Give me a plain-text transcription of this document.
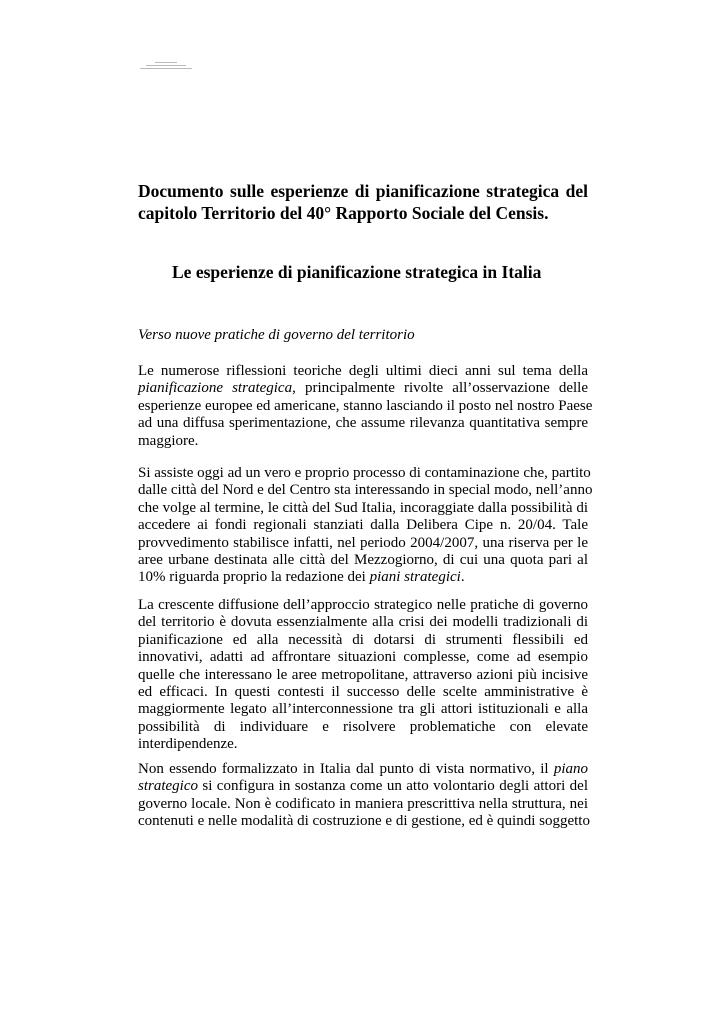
Documento sulle esperienze di pianificazione strategica del
capitolo Territorio del 40° Rapporto Sociale del Censis.
Le esperienze di pianificazione strategica in Italia
Verso nuove pratiche di governo del territorio
Le numerose riflessioni teoriche degli ultimi dieci anni sul tema della
pianificazione strategica, principalmente rivolte all’osservazione delle
esperienze europee ed americane, stanno lasciando il posto nel nostro Paese
ad una diffusa sperimentazione, che assume rilevanza quantitativa sempre
maggiore.
Si assiste oggi ad un vero e proprio processo di contaminazione che, partito
dalle città del Nord e del Centro sta interessando in special modo, nell’anno
che volge al termine, le città del Sud Italia, incoraggiate dalla possibilità di
accedere ai fondi regionali stanziati dalla Delibera Cipe n. 20/04. Tale
provvedimento stabilisce infatti, nel periodo 2004/2007, una riserva per le
aree urbane destinata alle città del Mezzogiorno, di cui una quota pari al
10% riguarda proprio la redazione dei piani strategici.
La crescente diffusione dell’approccio strategico nelle pratiche di governo
del territorio è dovuta essenzialmente alla crisi dei modelli tradizionali di
pianificazione ed alla necessità di dotarsi di strumenti flessibili ed
innovativi, adatti ad affrontare situazioni complesse, come ad esempio
quelle che interessano le aree metropolitane, attraverso azioni più incisive
ed efficaci. In questi contesti il successo delle scelte amministrative è
maggiormente legato all’interconnessione tra gli attori istituzionali e alla
possibilità di individuare e risolvere problematiche con elevate
interdipendenze.
Non essendo formalizzato in Italia dal punto di vista normativo, il piano
strategico si configura in sostanza come un atto volontario degli attori del
governo locale. Non è codificato in maniera prescrittiva nella struttura, nei
contenuti e nelle modalità di costruzione e di gestione, ed è quindi soggetto
